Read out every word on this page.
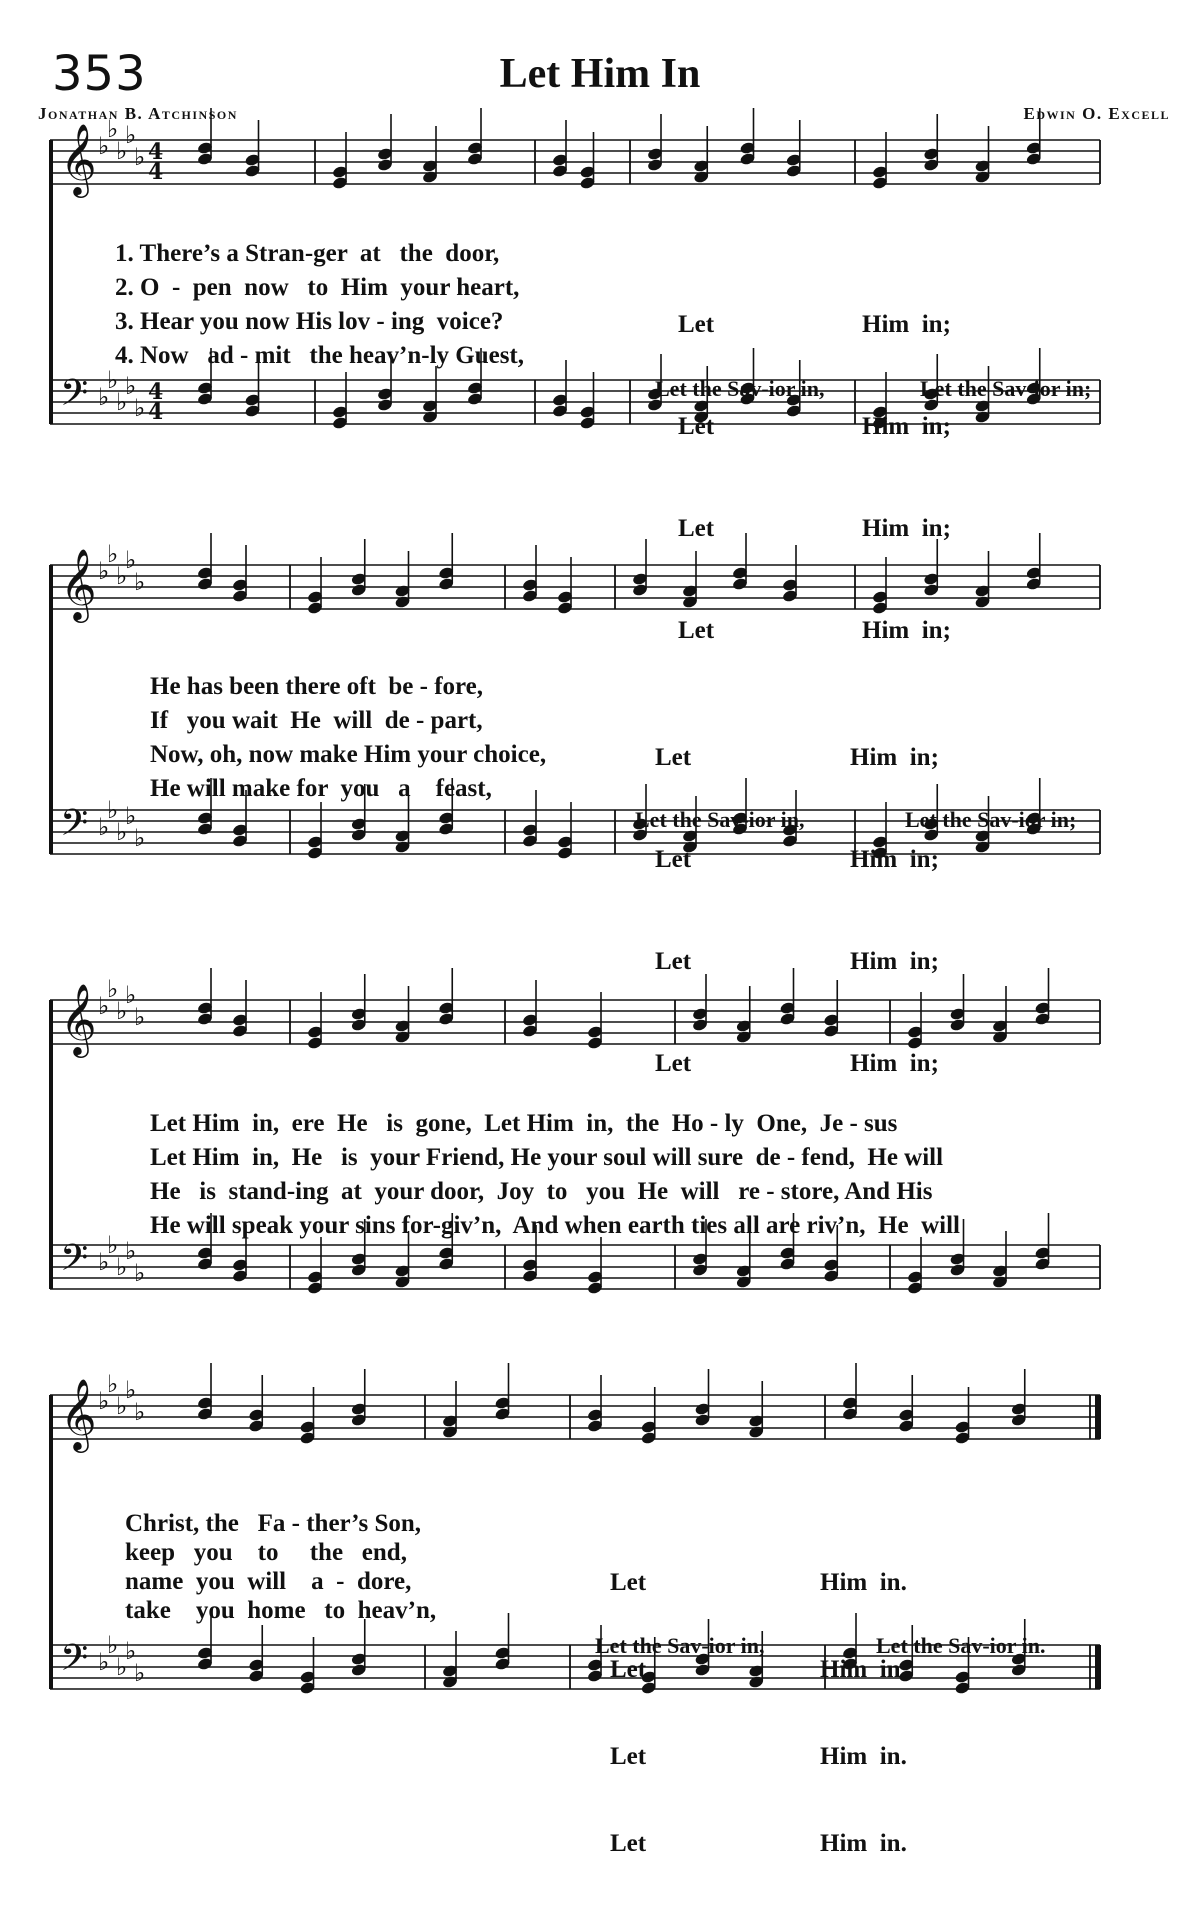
353	Let Him In
Jonathan B. Atchinson	Edwin O. Excell
𝄞
𝄢
♭
♭
♭
♭
♭
♭
♭
♭
♭
♭
4
4
4
4
1. There’s a Stran-ger  at   the  door,
2. O  -  pen  now   to  Him  your heart,
3. Hear you now His lov - ing  voice?
4. Now   ad - mit   the heav’n-ly Guest,

Let

Let

Let

Let

Him  in;

Him  in;

Him  in;

Him  in;

Let the Sav-ior in,	Let the Sav-ior in;
𝄞
𝄢
♭
♭
♭
♭
♭
♭
♭
♭
♭
♭
He has been there oft  be - fore,
If   you wait  He  will  de - part,
Now, oh, now make Him your choice,
He will make for  you   a    feast,

Let

Let

Let

Let

Him  in;

Him  in;

Him  in;

Him  in;

Let the Sav-ior in,	Let the Sav-ior in;
𝄞
𝄢
♭
♭
♭
♭
♭
♭
♭
♭
♭
♭
Let Him  in,  ere  He   is  gone,  Let Him  in,  the  Ho - ly  One,  Je - sus
Let Him  in,  He   is  your Friend, He your soul will sure  de - fend,  He will
He   is  stand-ing  at  your door,  Joy  to   you  He  will   re - store, And His
He will speak your sins for-giv’n,  And when earth ties all are riv’n,  He  will
𝄞
𝄢
♭
♭
♭
♭
♭
♭
♭
♭
♭
♭
Christ, the   Fa - ther’s Son,
keep   you    to     the   end,
name  you  will    a  -  dore,
take    you  home   to  heav’n,

Let

Let

Let

Let

Him  in.

Him  in.

Him  in.

Him  in.

Let the Sav-ior in,	Let the Sav-ior in.
